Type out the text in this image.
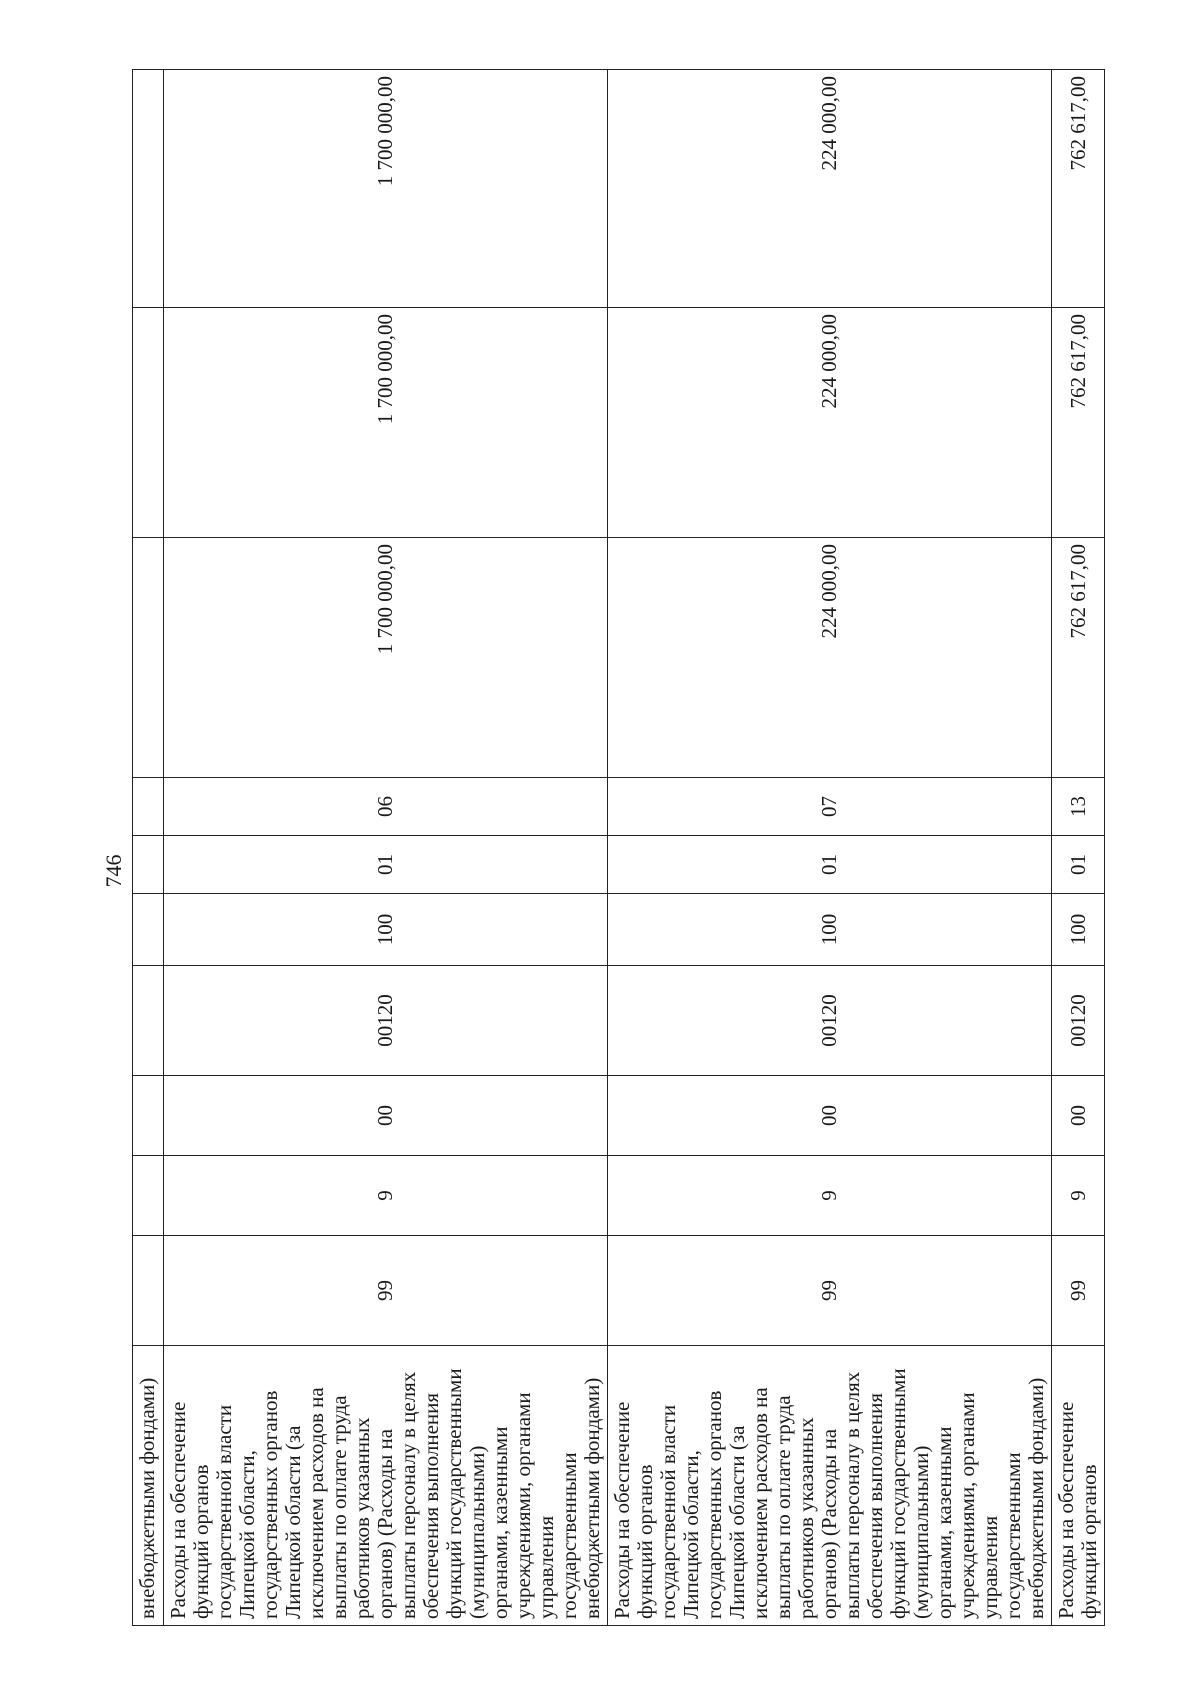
746
внебюджетными фондами)										
Расходы на обеспечение функций органов государственной власти Липецкой области, государственных органов Липецкой области (за исключением расходов на выплаты по оплате труда работников указанных органов) (Расходы на выплаты персоналу в целях обеспечения выполнения функций государственными (муниципальными) органами, казенными учреждениями, органами управления государственными внебюджетными фондами)	99	9	00	00120	100	01	06	1 700 000,00	1 700 000,00	1 700 000,00
Расходы на обеспечение функций органов государственной власти Липецкой области, государственных органов Липецкой области (за исключением расходов на выплаты по оплате труда работников указанных органов) (Расходы на выплаты персоналу в целях обеспечения выполнения функций государственными (муниципальными) органами, казенными учреждениями, органами управления государственными внебюджетными фондами)	99	9	00	00120	100	01	07	224 000,00	224 000,00	224 000,00
Расходы на обеспечение функций органов	99	9	00	00120	100	01	13	762 617,00	762 617,00	762 617,00
